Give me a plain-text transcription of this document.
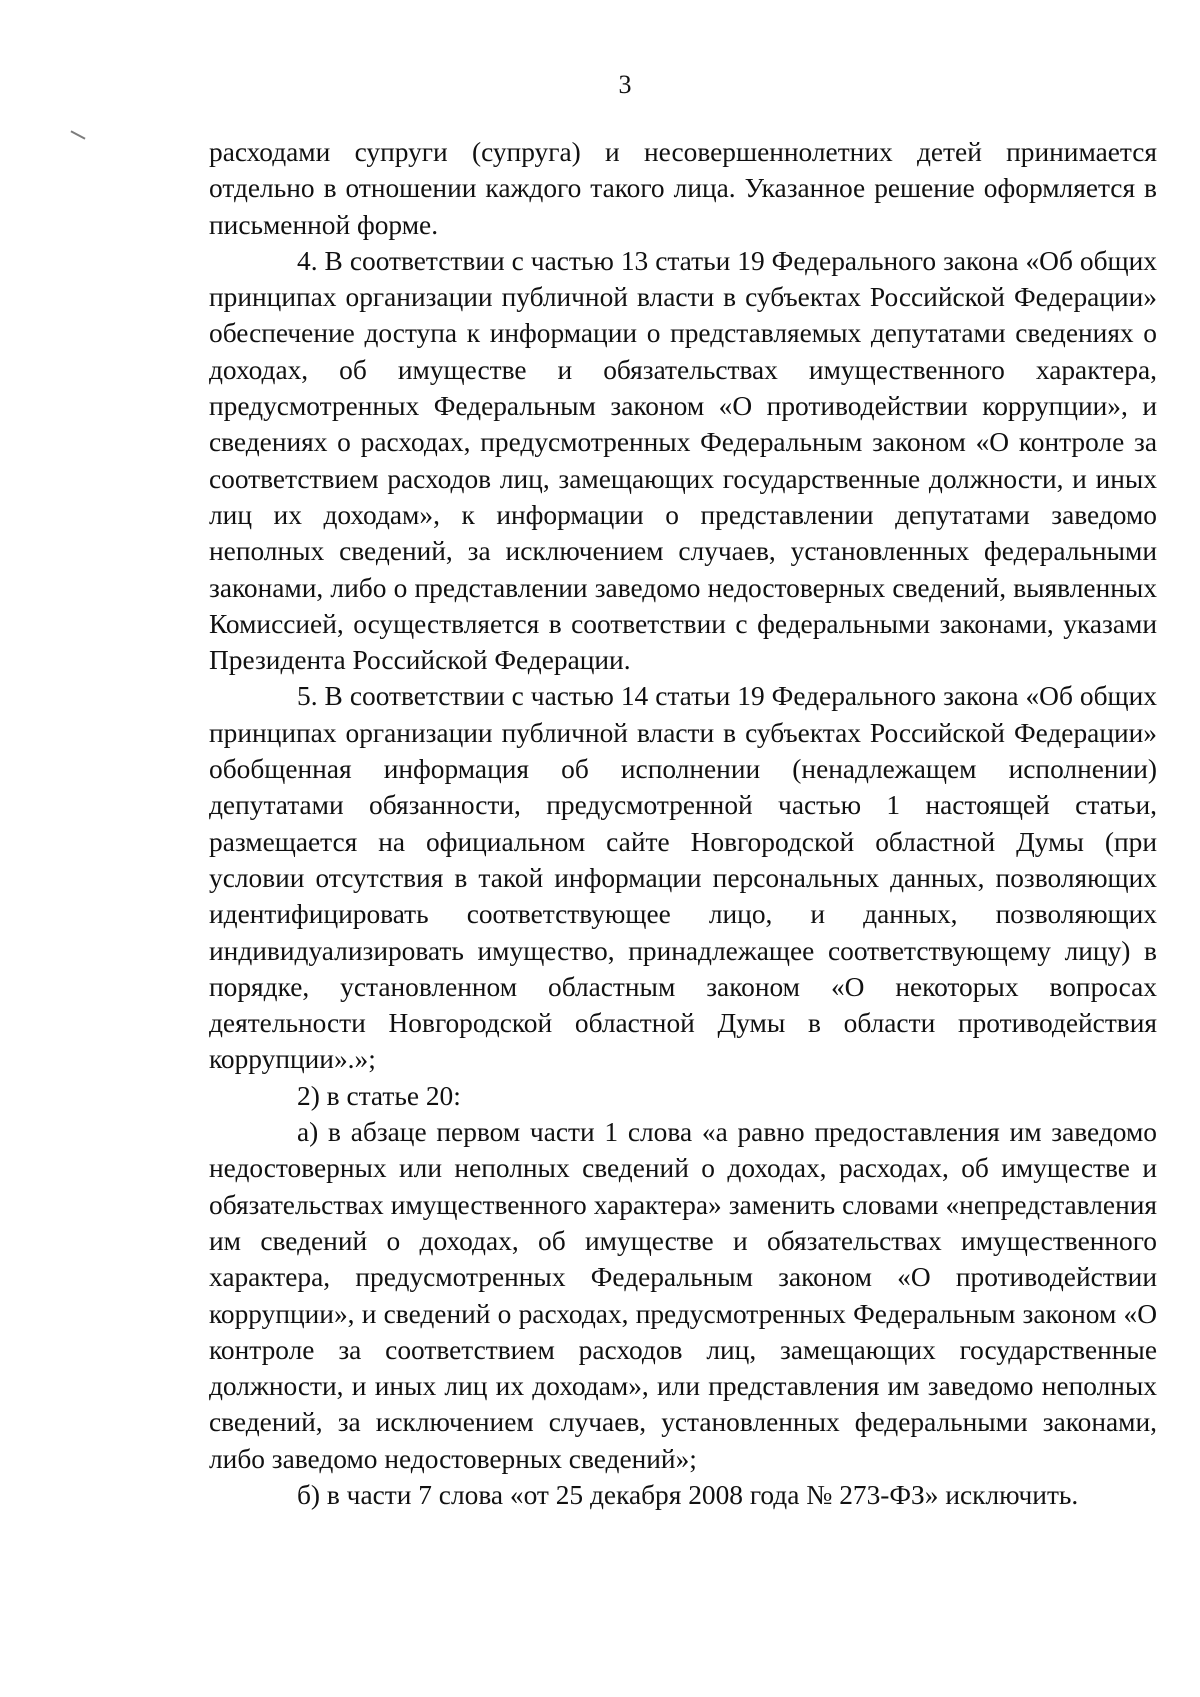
3

расходами супруги (супруга) и несовершеннолетних детей принимается отдельно в отношении каждого такого лица. Указанное решение оформляется в письменной форме.

4. В соответствии с частью 13 статьи 19 Федерального закона «Об общих принципах организации публичной власти в субъектах Российской Федерации» обеспечение доступа к информации о представляемых депутатами сведениях о доходах, об имуществе и обязательствах имущественного характера, предусмотренных Федеральным законом «О противодействии коррупции», и сведениях о расходах, предусмотренных Федеральным законом «О контроле за соответствием расходов лиц, замещающих государственные должности, и иных лиц их доходам», к информации о представлении депутатами заведомо неполных сведений, за исключением случаев, установленных федеральными законами, либо о представлении заведомо недостоверных сведений, выявленных Комиссией, осуществляется в соответствии с федеральными законами, указами Президента Российской Федерации.

5. В соответствии с частью 14 статьи 19 Федерального закона «Об общих принципах организации публичной власти в субъектах Российской Федерации» обобщенная информация об исполнении (ненадлежащем исполнении) депутатами обязанности, предусмотренной частью 1 настоящей статьи, размещается на официальном сайте Новгородской областной Думы (при условии отсутствия в такой информации персональных данных, позволяющих идентифицировать соответствующее лицо, и данных, позволяющих индивидуализировать имущество, принадлежащее соответствующему лицу) в порядке, установленном областным законом «О некоторых вопросах деятельности Новгородской областной Думы в области противодействия коррупции».»;

2) в статье 20:

а) в абзаце первом части 1 слова «а равно предоставления им заведомо недостоверных или неполных сведений о доходах, расходах, об имуществе и обязательствах имущественного характера» заменить словами «непредставления им сведений о доходах, об имуществе и обязательствах имущественного характера, предусмотренных Федеральным законом «О противодействии коррупции», и сведений о расходах, предусмотренных Федеральным законом «О контроле за соответствием расходов лиц, замещающих государственные должности, и иных лиц их доходам», или представления им заведомо неполных сведений, за исключением случаев, установленных федеральными законами, либо заведомо недостоверных сведений»;

б) в части 7 слова «от 25 декабря 2008 года № 273-ФЗ» исключить.
